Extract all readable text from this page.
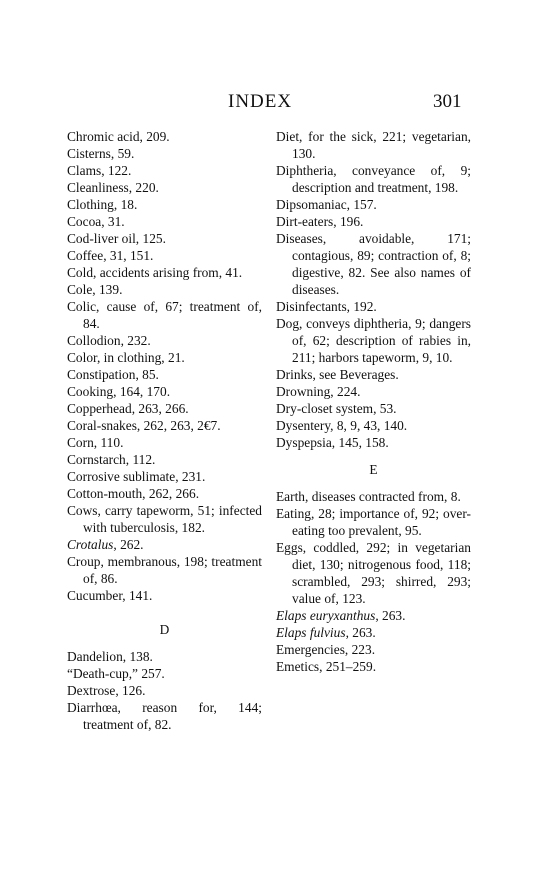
INDEX	301

Chromic acid, 209.

Cisterns, 59.

Clams, 122.

Cleanliness, 220.

Clothing, 18.

Cocoa, 31.

Cod-liver oil, 125.

Coffee, 31, 151.

Cold, accidents arising from, 41.

Cole, 139.

Colic, cause of, 67; treatment of, 84.

Collodion, 232.

Color, in clothing, 21.

Constipation, 85.

Cooking, 164, 170.

Copperhead, 263, 266.

Coral-snakes, 262, 263, 2€7.

Corn, 110.

Cornstarch, 112.

Corrosive sublimate, 231.

Cotton-mouth, 262, 266.

Cows, carry tapeworm, 51; infected with tuberculosis, 182.

Crotalus, 262.

Croup, membranous, 198; treatment of, 86.

Cucumber, 141.

D

Dandelion, 138.

“Death-cup,” 257.

Dextrose, 126.

Diarrhœa, reason for, 144; treatment of, 82.

Diet, for the sick, 221; vegetarian, 130.

Diphtheria, conveyance of, 9; description and treatment, 198.

Dipsomaniac, 157.

Dirt-eaters, 196.

Diseases, avoidable, 171; contagious, 89; contraction of, 8; digestive, 82. See also names of diseases.

Disinfectants, 192.

Dog, conveys diphtheria, 9; dangers of, 62; description of rabies in, 211; harbors tapeworm, 9, 10.

Drinks, see Beverages.

Drowning, 224.

Dry-closet system, 53.

Dysentery, 8, 9, 43, 140.

Dyspepsia, 145, 158.

E

Earth, diseases contracted from, 8.

Eating, 28; importance of, 92; over-eating too prevalent, 95.

Eggs, coddled, 292; in vegetarian diet, 130; nitrogenous food, 118; scrambled, 293; shirred, 293; value of, 123.

Elaps euryxanthus, 263.

Elaps fulvius, 263.

Emergencies, 223.

Emetics, 251–259.
